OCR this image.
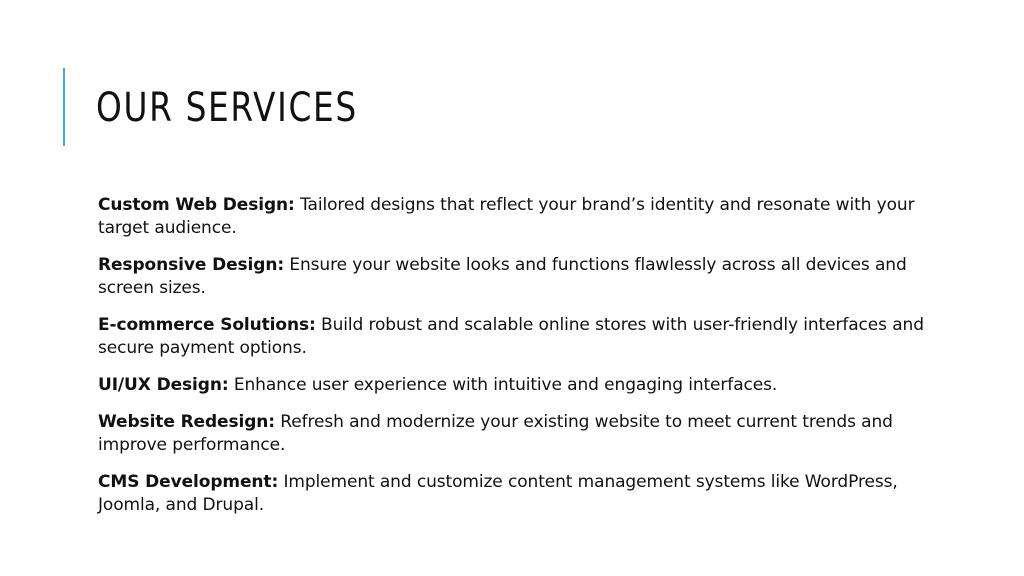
OUR SERVICES
Custom Web Design: Tailored designs that reflect your brand’s identity and resonate with your target audience.
Responsive Design: Ensure your website looks and functions flawlessly across all devices and screen sizes.
E-commerce Solutions: Build robust and scalable online stores with user-friendly interfaces and secure payment options.
UI/UX Design: Enhance user experience with intuitive and engaging interfaces.
Website Redesign: Refresh and modernize your existing website to meet current trends and improve performance.
CMS Development: Implement and customize content management systems like WordPress, Joomla, and Drupal.
